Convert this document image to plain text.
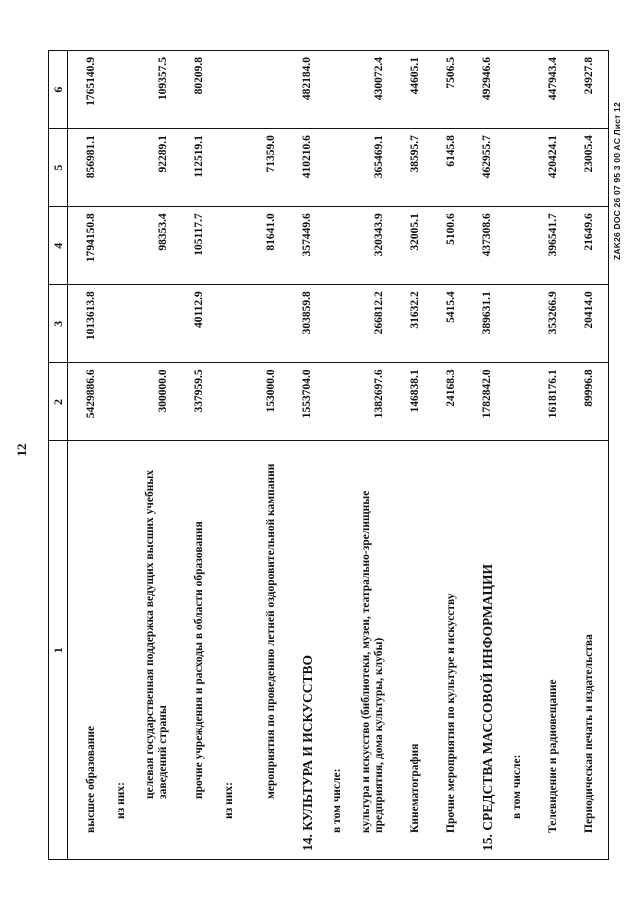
12
1	2	3	4	5	6
высшее образование	5429886.6	1013613.8	1794150.8	856981.1	1765140.9
из них:					
целевая государственная поддержка ведущих высших учебных заведений страны	300000.0		98353.4	92289.1	109357.5
прочие учреждения и расходы в области образования	337959.5	40112.9	105117.7	112519.1	80209.8
из них:					
мероприятия по проведению летней оздоровительной кампании	153000.0		81641.0	71359.0	
14. КУЛЬТУРА И ИСКУССТВО	1553704.0	303859.8	357449.6	410210.6	482184.0
в том числе:					
культура и искусство (библиотеки, музеи, театрально-зрелищные предприятия, дома культуры, клубы)	1382697.6	266812.2	320343.9	365469.1	430072.4
Кинематография	146838.1	31632.2	32005.1	38595.7	44605.1
Прочие мероприятия по культуре и искусству	24168.3	5415.4	5100.6	6145.8	7506.5
15. СРЕДСТВА МАССОВОЙ ИНФОРМАЦИИ	1782842.0	389631.1	437308.6	462955.7	492946.6
в том числе:					
Телевидение и радиовещание	1618176.1	353266.9	396541.7	420424.1	447943.4
Периодическая печать и издательства	89996.8	20414.0	21649.6	23005.4	24927.8

ZAK26 DOC 26 07 95 3 00 AC Лист 12
